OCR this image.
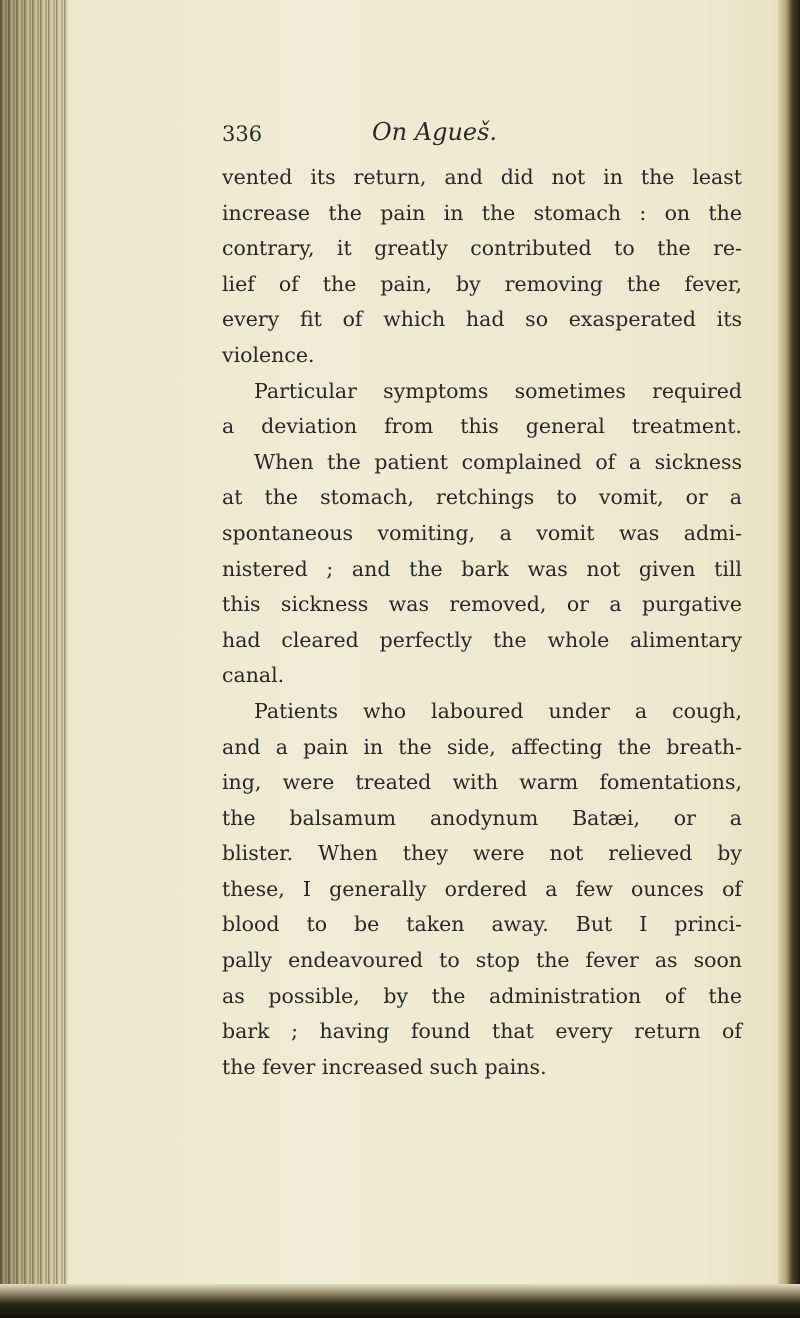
336	On Agueš.
vented its return, and did not in the least
increase the pain in the stomach : on the
contrary, it greatly contributed to the re-
lief of the pain, by removing the fever,
every fit of which had so exasperated its
violence.
Particular symptoms sometimes required
a deviation from this general treatment.
When the patient complained of a sickness
at the stomach, retchings to vomit, or a
spontaneous vomiting, a vomit was admi-
nistered ; and the bark was not given till
this sickness was removed, or a purgative
had cleared perfectly the whole alimentary
canal.
Patients who laboured under a cough,
and a pain in the side, affecting the breath-
ing, were treated with warm fomentations,
the balsamum anodynum Batæi, or a
blister. When they were not relieved by
these, I generally ordered a few ounces of
blood to be taken away. But I princi-
pally endeavoured to stop the fever as soon
as possible, by the administration of the
bark ; having found that every return of
the fever increased such pains.
